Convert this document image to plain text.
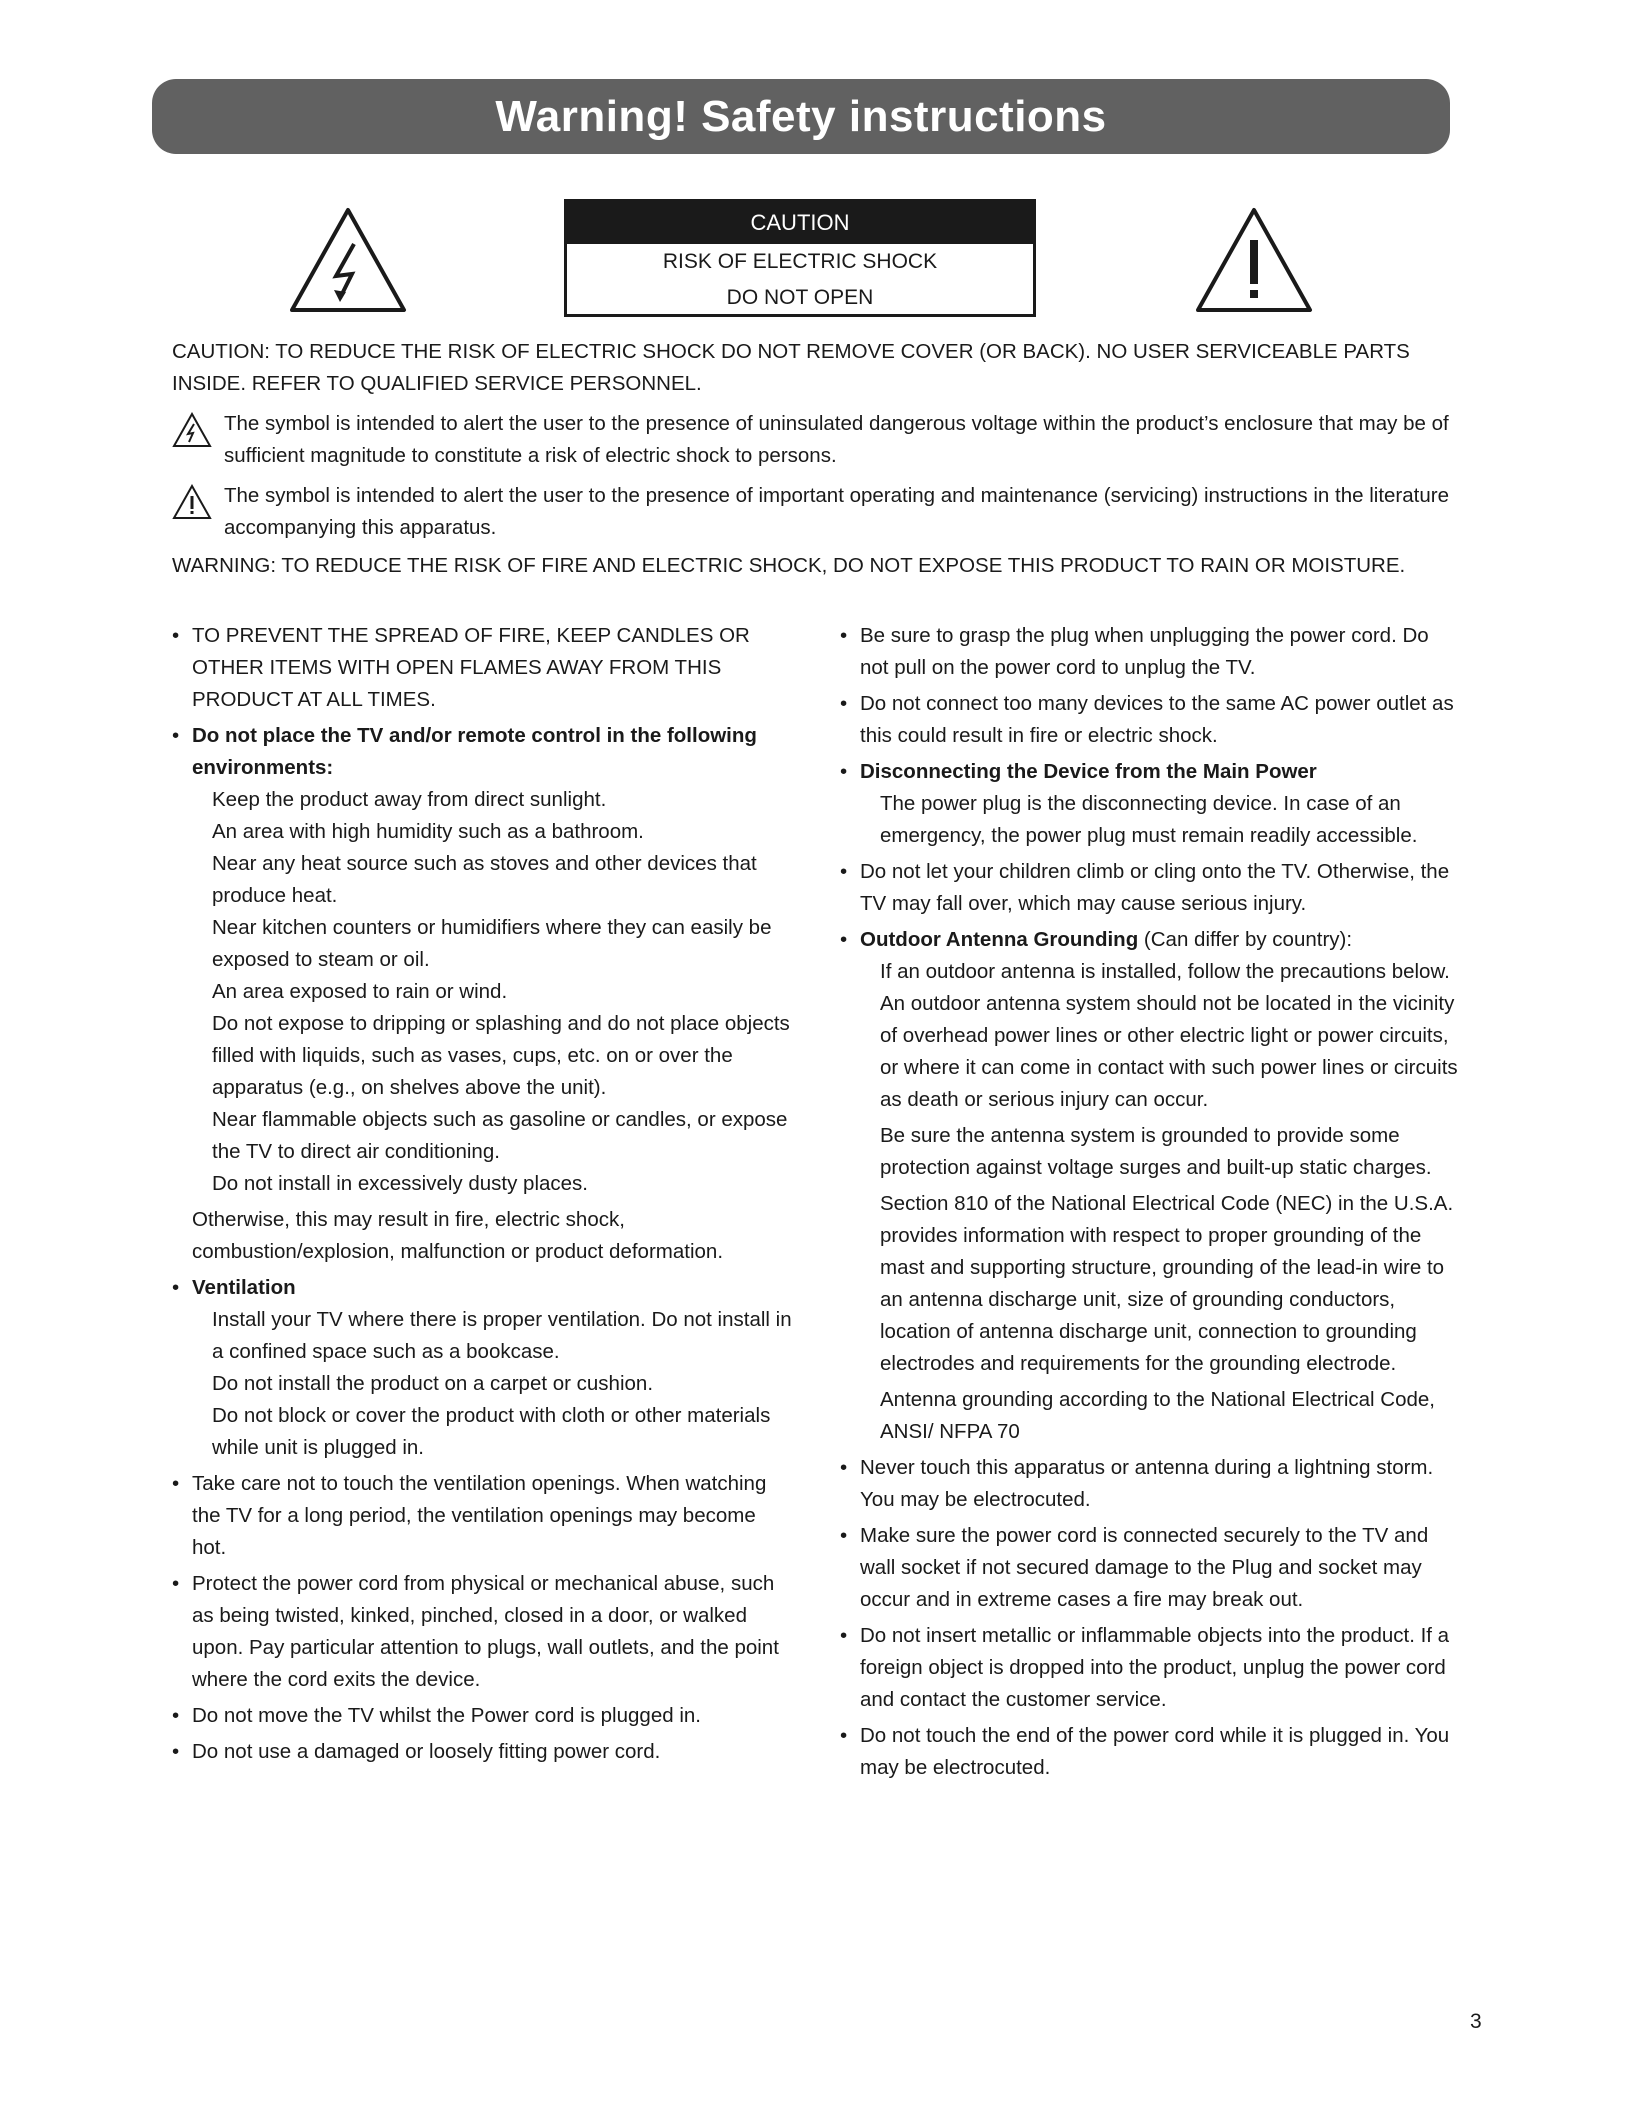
Warning! Safety instructions
CAUTION
RISK OF ELECTRIC SHOCK
DO NOT OPEN
CAUTION: TO REDUCE THE RISK OF ELECTRIC SHOCK DO NOT REMOVE COVER (OR BACK). NO USER SERVICEABLE PARTS INSIDE. REFER TO QUALIFIED SERVICE PERSONNEL.
The symbol is intended to alert the user to the presence of uninsulated dangerous voltage within the product’s enclosure that may be of sufficient magnitude to constitute a risk of electric shock to persons.
The symbol is intended to alert the user to the presence of important operating and maintenance (servicing) instructions in the literature accompanying this apparatus.
WARNING: TO REDUCE THE RISK OF FIRE AND ELECTRIC SHOCK, DO NOT EXPOSE THIS PRODUCT TO RAIN OR MOISTURE.
• TO PREVENT THE SPREAD OF FIRE, KEEP CANDLES OR OTHER ITEMS WITH OPEN FLAMES AWAY FROM THIS PRODUCT AT ALL TIMES.
• Do not place the TV and/or remote control in the following environments:
Keep the product away from direct sunlight.
An area with high humidity such as a bathroom.
Near any heat source such as stoves and other devices that produce heat.
Near kitchen counters or humidifiers where they can easily be exposed to steam or oil.
An area exposed to rain or wind.
Do not expose to dripping or splashing and do not place objects filled with liquids, such as vases, cups, etc. on or over the apparatus (e.g., on shelves above the unit).
Near flammable objects such as gasoline or candles, or expose the TV to direct air conditioning.
Do not install in excessively dusty places.
Otherwise, this may result in fire, electric shock, combustion/explosion, malfunction or product deformation.
• Ventilation
Install your TV where there is proper ventilation. Do not install in a confined space such as a bookcase.
Do not install the product on a carpet or cushion.
Do not block or cover the product with cloth or other materials while unit is plugged in.
• Take care not to touch the ventilation openings. When watching the TV for a long period, the ventilation openings may become hot.
• Protect the power cord from physical or mechanical abuse, such as being twisted, kinked, pinched, closed in a door, or walked upon. Pay particular attention to plugs, wall outlets, and the point where the cord exits the device.
• Do not move the TV whilst the Power cord is plugged in.
• Do not use a damaged or loosely fitting power cord.
• Be sure to grasp the plug when unplugging the power cord. Do not pull on the power cord to unplug the TV.
• Do not connect too many devices to the same AC power outlet as this could result in fire or electric shock.
• Disconnecting the Device from the Main Power
The power plug is the disconnecting device. In case of an emergency, the power plug must remain readily accessible.
• Do not let your children climb or cling onto the TV. Otherwise, the TV may fall over, which may cause serious injury.
• Outdoor Antenna Grounding (Can differ by country):
If an outdoor antenna is installed, follow the precautions below.
An outdoor antenna system should not be located in the vicinity of overhead power lines or other electric light or power circuits, or where it can come in contact with such power lines or circuits as death or serious injury can occur.
Be sure the antenna system is grounded to provide some protection against voltage surges and built-up static charges.
Section 810 of the National Electrical Code (NEC) in the U.S.A. provides information with respect to proper grounding of the mast and supporting structure, grounding of the lead-in wire to an antenna discharge unit, size of grounding conductors, location of antenna discharge unit, connection to grounding electrodes and requirements for the grounding electrode.
Antenna grounding according to the National Electrical Code, ANSI/ NFPA 70
• Never touch this apparatus or antenna during a lightning storm. You may be electrocuted.
• Make sure the power cord is connected securely to the TV and wall socket if not secured damage to the Plug and socket may occur and in extreme cases a fire may break out.
• Do not insert metallic or inflammable objects into the product. If a foreign object is dropped into the product, unplug the power cord and contact the customer service.
• Do not touch the end of the power cord while it is plugged in. You may be electrocuted.
3
